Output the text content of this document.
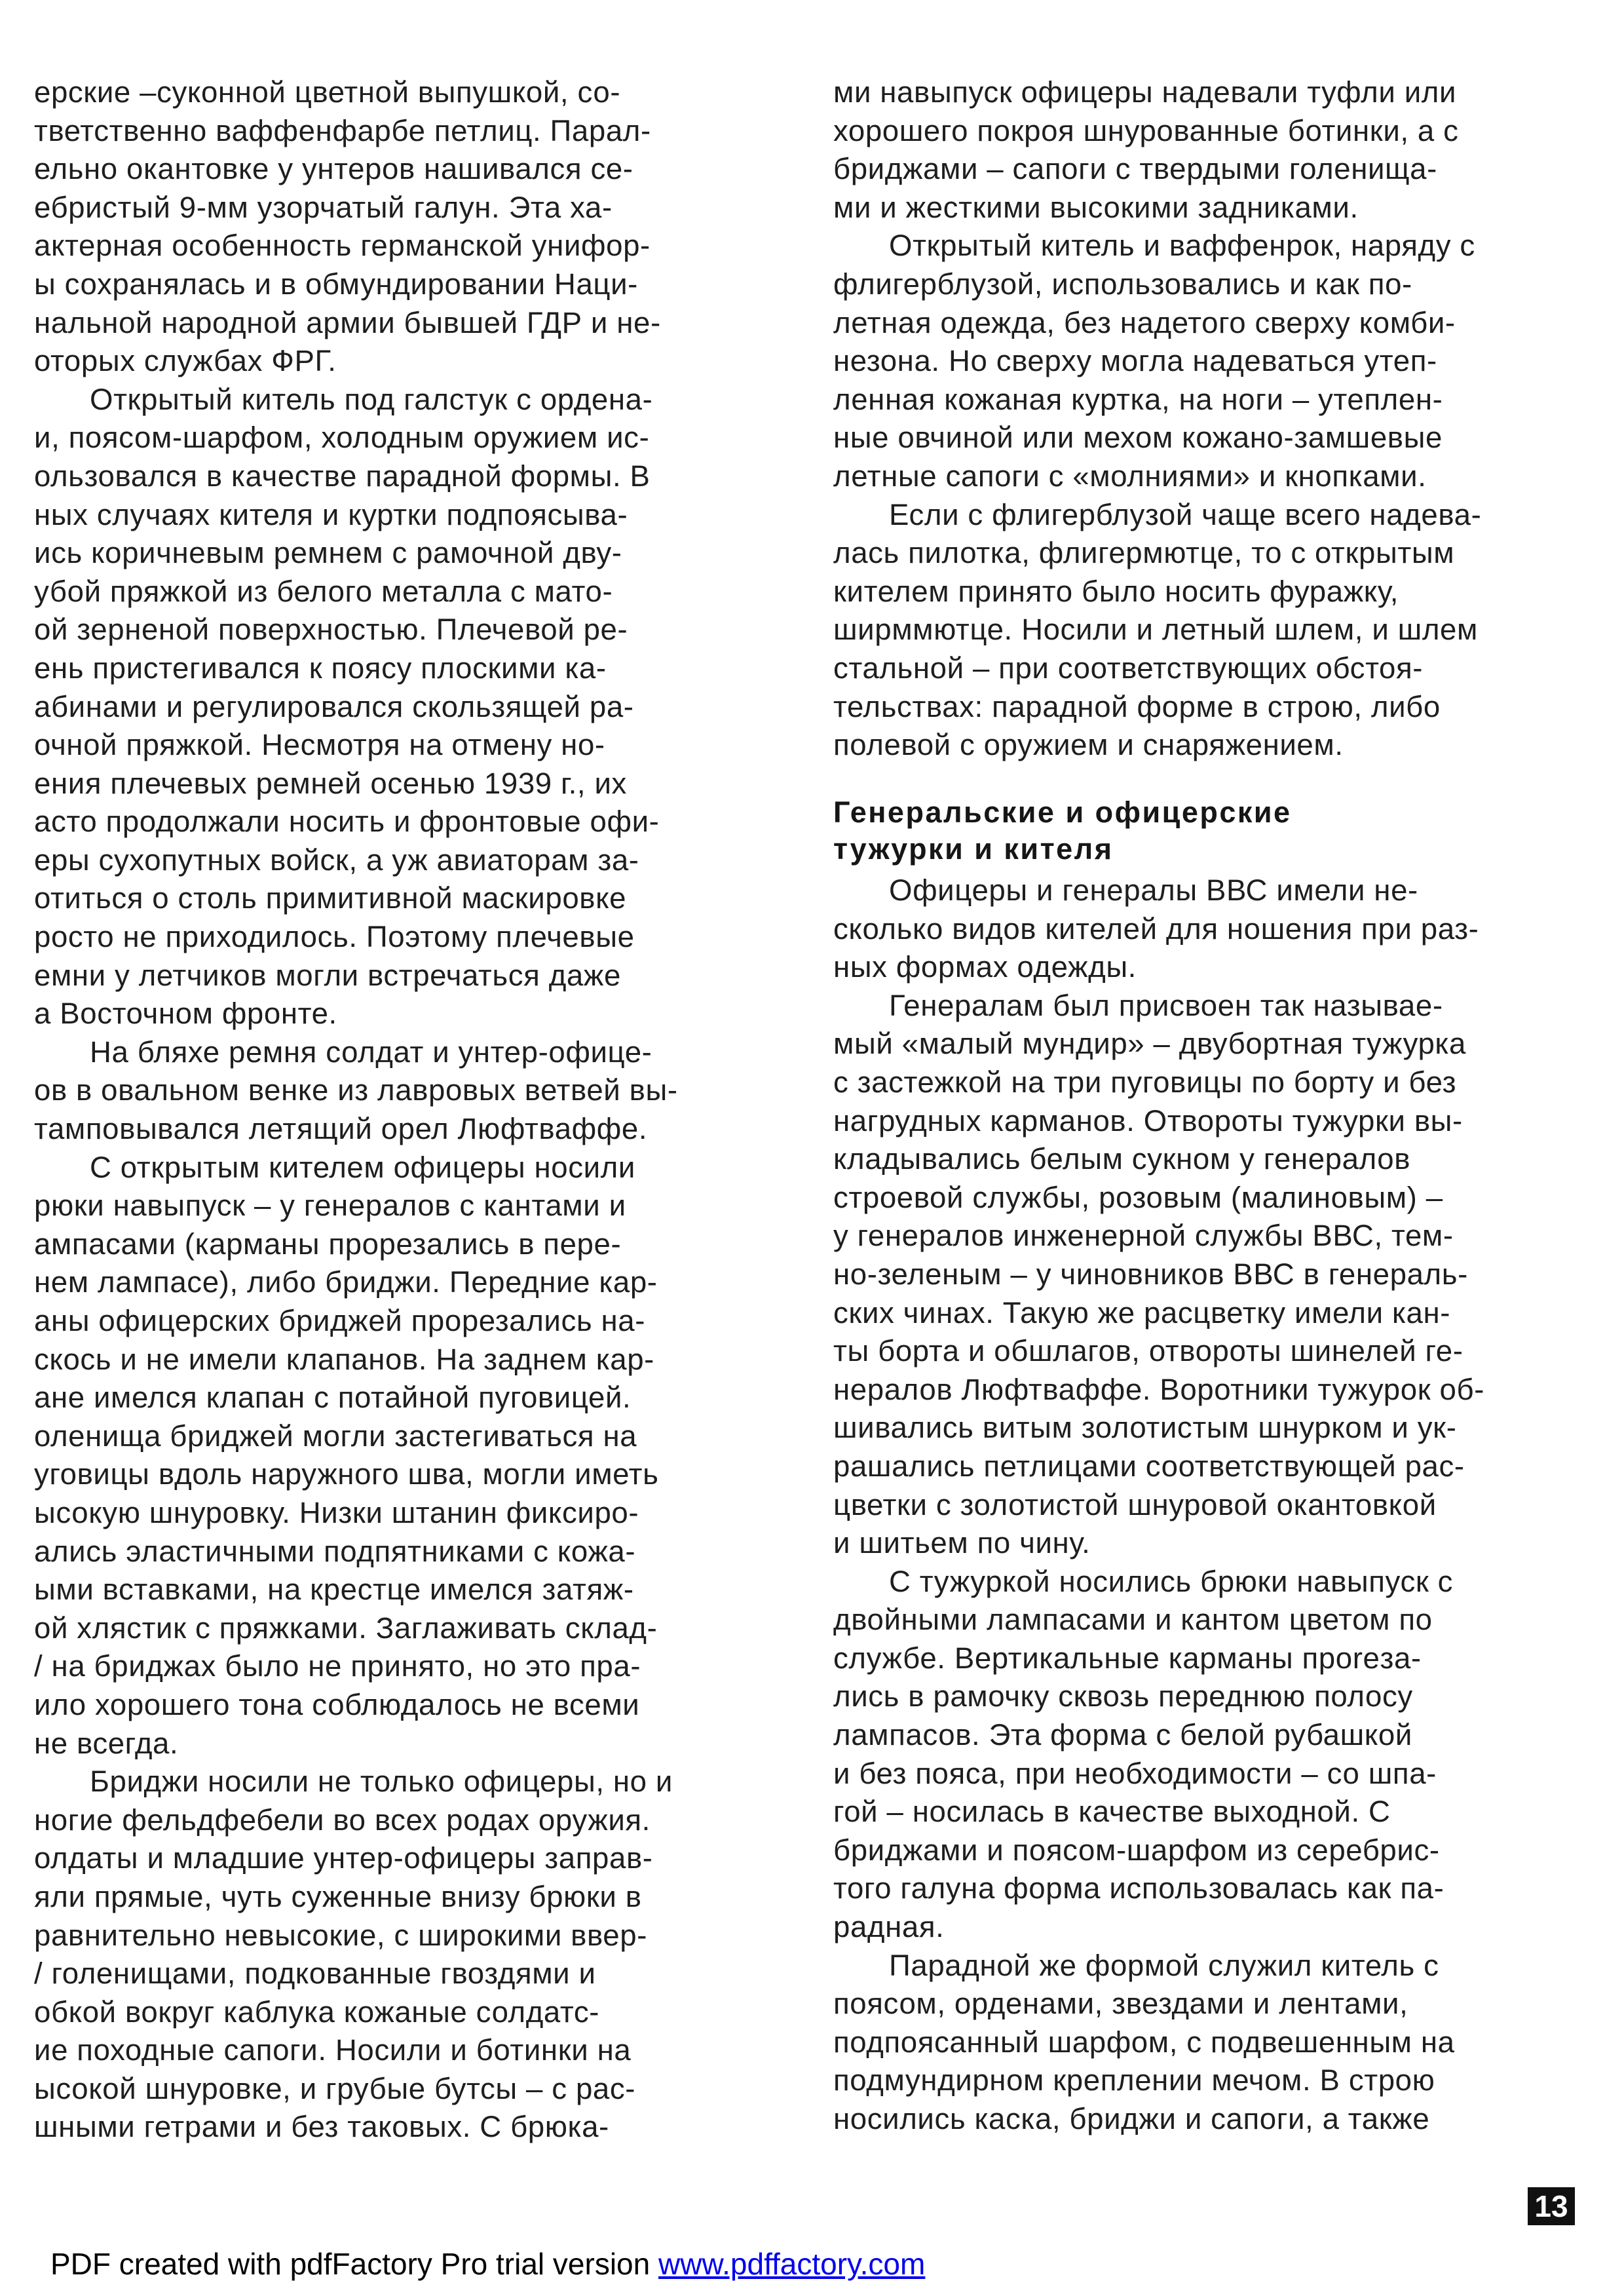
ерские –суконной цветной выпушкой, со-
тветственно ваффенфарбе петлиц. Парал-
ельно окантовке у унтеров нашивался се-
ебристый 9-мм узорчатый галун. Эта ха-
актерная особенность германской унифор-
ы сохранялась и в обмундировании Наци-
нальной народной армии бывшей ГДР и не-
оторых службах ФРГ.
Открытый китель под галстук с ордена-
и, поясом-шарфом, холодным оружием ис-
ользовался в качестве парадной формы. В
ных случаях кителя и куртки подпоясыва-
ись коричневым ремнем с рамочной дву-
убой пряжкой из белого металла с мато-
ой зерненой поверхностью. Плечевой ре-
ень пристегивался к поясу плоскими ка-
абинами и регулировался скользящей ра-
очной пряжкой. Несмотря на отмену но-
ения плечевых ремней осенью 1939 г., их
асто продолжали носить и фронтовые офи-
еры сухопутных войск, а уж авиаторам за-
отиться о столь примитивной маскировке
росто не приходилось. Поэтому плечевые
емни у летчиков могли встречаться даже
а Восточном фронте.
На бляхе ремня солдат и унтер-офице-
ов в овальном венке из лавровых ветвей вы-
тамповывался летящий орел Люфтваффе.
С открытым кителем офицеры носили
рюки навыпуск – у генералов с кантами и
ампасами (карманы прорезались в пере-
нем лампасе), либо бриджи. Передние кар-
аны офицерских бриджей прорезались на-
скось и не имели клапанов. На заднем кар-
ане имелся клапан с потайной пуговицей.
оленища бриджей могли застегиваться на
уговицы вдоль наружного шва, могли иметь
ысокую шнуровку. Низки штанин фиксиро-
ались эластичными подпятниками с кожа-
ыми вставками, на крестце имелся затяж-
ой хлястик с пряжками. Заглаживать склад-
/ на бриджах было не принято, но это пра-
ило хорошего тона соблюдалось не всеми
не всегда.
Бриджи носили не только офицеры, но и
ногие фельдфебели во всех родах оружия.
олдаты и младшие унтер-офицеры заправ-
яли прямые, чуть суженные внизу брюки в
равнительно невысокие, с широкими ввер-
/ голенищами, подкованные гвоздями и
обкой вокруг каблука кожаные солдатс-
ие походные сапоги. Носили и ботинки на
ысокой шнуровке, и грубые бутсы – с рас-
шными гетрами и без таковых. С брюка-
ми навыпуск офицеры надевали туфли или
хорошего покроя шнурованные ботинки, а с
бриджами – сапоги с твердыми голенища-
ми и жесткими высокими задниками.
Открытый китель и ваффенрок, наряду с
флигерблузой, использовались и как по-
летная одежда, без надетого сверху комби-
незона. Но сверху могла надеваться утеп-
ленная кожаная куртка, на ноги – утеплен-
ные овчиной или мехом кожано-замшевые
летные сапоги с «молниями» и кнопками.
Если с флигерблузой чаще всего надева-
лась пилотка, флигермютце, то с открытым
кителем принято было носить фуражку,
ширммютце. Носили и летный шлем, и шлем
стальной – при соответствующих обстоя-
тельствах: парадной форме в строю, либо
полевой с оружием и снаряжением.
Генеральские и офицерские
тужурки и кителя
Офицеры и генералы ВВС имели не-
сколько видов кителей для ношения при раз-
ных формах одежды.
Генералам был присвоен так называе-
мый «малый мундир» – двубортная тужурка
с застежкой на три пуговицы по борту и без
нагрудных карманов. Отвороты тужурки вы-
кладывались белым сукном у генералов
строевой службы, розовым (малиновым) –
у генералов инженерной службы ВВС, тем-
но-зеленым – у чиновников ВВС в генераль-
ских чинах. Такую же расцветку имели кан-
ты борта и обшлагов, отвороты шинелей ге-
нералов Люфтваффе. Воротники тужурок об-
шивались витым золотистым шнурком и ук-
рашались петлицами соответствующей рас-
цветки с золотистой шнуровой окантовкой
и шитьем по чину.
С тужуркой носились брюки навыпуск с
двойными лампасами и кантом цветом по
службе. Вертикальные карманы проreза-
лись в рамочку сквозь переднюю полосу
лампасов. Эта форма с белой рубашкой
и без пояса, при необходимости – со шпа-
гой – носилась в качестве выходной. С
бриджами и поясом-шарфом из серебрис-
того галуна форма использовалась как па-
радная.
Парадной же формой служил китель с
поясом, орденами, звездами и лентами,
подпоясанный шарфом, с подвешенным на
подмундирном креплении мечом. В строю
носились каска, бриджи и сапоги, а также
13
PDF created with pdfFactory Pro trial version www.pdffactory.com
